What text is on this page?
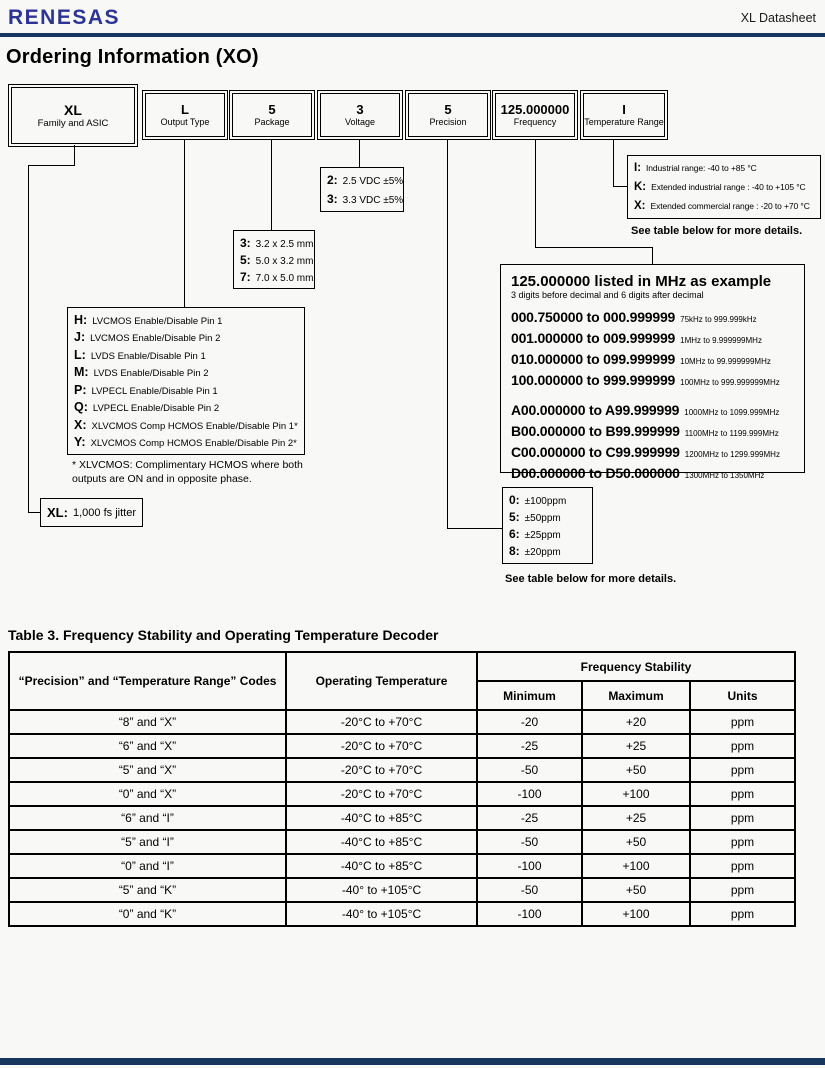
RENESAS	XL Datasheet
Ordering Information (XO)
XL
Family and ASIC
L
Output Type
5
Package
3
Voltage
5
Precision
125.000000
Frequency
I
Temperature Range
2: 2.5 VDC ±5%
3: 3.3 VDC ±5%
I: Industrial range: -40 to +85 °C
K: Extended industrial range : -40 to +105 °C
X: Extended commercial range : -20 to +70 °C
See table below for more details.
3: 3.2 x 2.5 mm
5: 5.0 x 3.2 mm
7: 7.0 x 5.0 mm	125.000000 listed in MHz as example
3 digits before decimal and 6 digits after decimal
000.750000 to 000.999999 75kHz to 999.999kHz
001.000000 to 009.999999 1MHz to 9.999999MHz
010.000000 to 099.999999 10MHz to 99.999999MHz
100.000000 to 999.999999 100MHz to 999.999999MHz
A00.000000 to A99.999999 1000MHz to 1099.999MHz
B00.000000 to B99.999999 1100MHz to 1199.999MHz
C00.000000 to C99.999999 1200MHz to 1299.999MHz
D00.000000 to D50.000000 1300MHz to 1350MHz
H: LVCMOS Enable/Disable Pin 1
J: LVCMOS Enable/Disable Pin 2
L: LVDS Enable/Disable Pin 1
M: LVDS Enable/Disable Pin 2
P: LVPECL Enable/Disable Pin 1
Q: LVPECL Enable/Disable Pin 2
X: XLVCMOS Comp HCMOS Enable/Disable Pin 1*
Y: XLVCMOS Comp HCMOS Enable/Disable Pin 2*
* XLVCMOS: Complimentary HCMOS where both outputs are ON and in opposite phase.
XL: 1,000 fs jitter
0: ±100ppm
5: ±50ppm
6: ±25ppm
8: ±20ppm
See table below for more details.
Table 3. Frequency Stability and Operating Temperature Decoder
“Precision” and “Temperature Range” Codes	Operating Temperature	Frequency Stability		
		Minimum	Maximum	Units
“8” and “X”	-20°C to +70°C	-20	+20	ppm
“6” and “X”	-20°C to +70°C	-25	+25	ppm
“5” and “X”	-20°C to +70°C	-50	+50	ppm
“0” and “X”	-20°C to +70°C	-100	+100	ppm
“6” and “I”	-40°C to +85°C	-25	+25	ppm
“5” and “I”	-40°C to +85°C	-50	+50	ppm
“0” and “I”	-40°C to +85°C	-100	+100	ppm
“5” and “K”	-40° to +105°C	-50	+50	ppm
“0” and “K”	-40° to +105°C	-100	+100	ppm
